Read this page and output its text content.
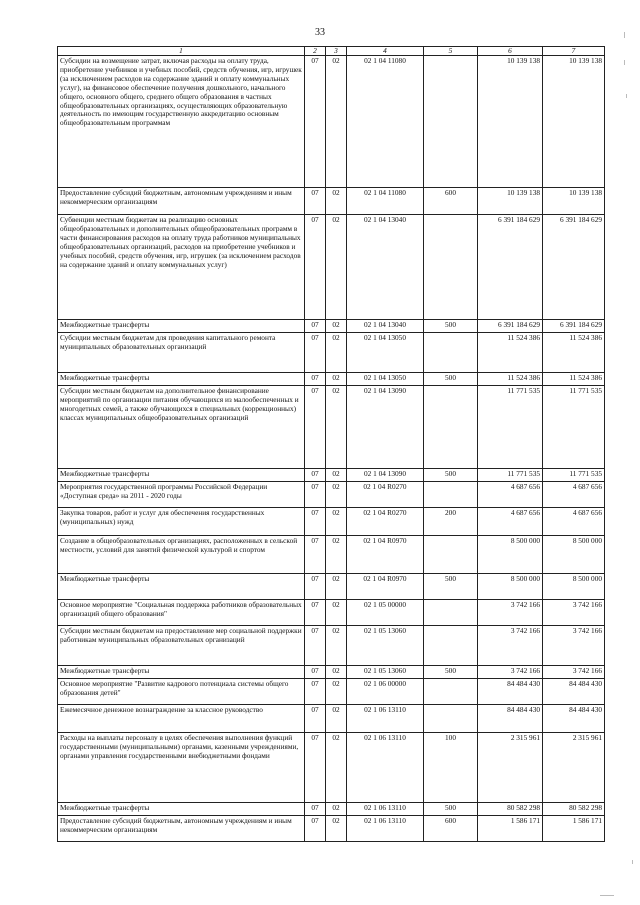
33
1	2	3	4	5	6	7
Субсидии на возмещение затрат, включая расходы на оплату труда, приобретение учебников и учебных пособий, средств обучения, игр, игрушек (за исключением расходов на содержание зданий и оплату коммунальных услуг), на финансовое обеспечение получения дошкольного, начального общего, основного общего, среднего общего образования в частных общеобразовательных организациях, осуществляющих образовательную деятельность по имеющим государственную аккредитацию основным общеобразовательным программам	07	02	02 1 04 11080		10 139 138	10 139 138
Предоставление субсидий бюджетным, автономным учреждениям и иным некоммерческим организациям	07	02	02 1 04 11080	600	10 139 138	10 139 138
Субвенции местным бюджетам на реализацию основных общеобразовательных и дополнительных общеобразовательных программ в части финансирования расходов на оплату труда работников муниципальных общеобразовательных организаций, расходов на приобретение учебников и учебных пособий, средств обучения, игр, игрушек (за исключением расходов на содержание зданий и оплату коммунальных услуг)	07	02	02 1 04 13040		6 391 184 629	6 391 184 629
Межбюджетные трансферты	07	02	02 1 04 13040	500	6 391 184 629	6 391 184 629
Субсидии местным бюджетам для проведения капитального ремонта муниципальных образовательных организаций	07	02	02 1 04 13050		11 524 386	11 524 386
Межбюджетные трансферты	07	02	02 1 04 13050	500	11 524 386	11 524 386
Субсидии местным бюджетам на дополнительное финансирование мероприятий по организации питания обучающихся из малообеспеченных и многодетных семей, а также обучающихся в специальных (коррекционных) классах муниципальных общеобразовательных организаций	07	02	02 1 04 13090		11 771 535	11 771 535
Межбюджетные трансферты	07	02	02 1 04 13090	500	11 771 535	11 771 535
Мероприятия государственной программы Российской Федерации «Доступная среда» на 2011 - 2020 годы	07	02	02 1 04 R0270		4 687 656	4 687 656
Закупка товаров, работ и услуг для обеспечения государственных (муниципальных) нужд	07	02	02 1 04 R0270	200	4 687 656	4 687 656
Создание в общеобразовательных организациях, расположенных в сельской местности, условий для занятий физической культурой и спортом	07	02	02 1 04 R0970		8 500 000	8 500 000
Межбюджетные трансферты	07	02	02 1 04 R0970	500	8 500 000	8 500 000
Основное мероприятие "Социальная поддержка работников образовательных организаций общего образования"	07	02	02 1 05 00000		3 742 166	3 742 166
Субсидии местным бюджетам на предоставление мер социальной поддержки работникам муниципальных образовательных организаций	07	02	02 1 05 13060		3 742 166	3 742 166
Межбюджетные трансферты	07	02	02 1 05 13060	500	3 742 166	3 742 166
Основное мероприятие "Развитие кадрового потенциала системы общего образования детей"	07	02	02 1 06 00000		84 484 430	84 484 430
Ежемесячное денежное вознаграждение за классное руководство	07	02	02 1 06 13110		84 484 430	84 484 430
Расходы на выплаты персоналу в целях обеспечения выполнения функций государственными (муниципальными) органами, казенными учреждениями, органами управления государственными внебюджетными фондами	07	02	02 1 06 13110	100	2 315 961	2 315 961
Межбюджетные трансферты	07	02	02 1 06 13110	500	80 582 298	80 582 298
Предоставление субсидий бюджетным, автономным учреждениям и иным некоммерческим организациям	07	02	02 1 06 13110	600	1 586 171	1 586 171
